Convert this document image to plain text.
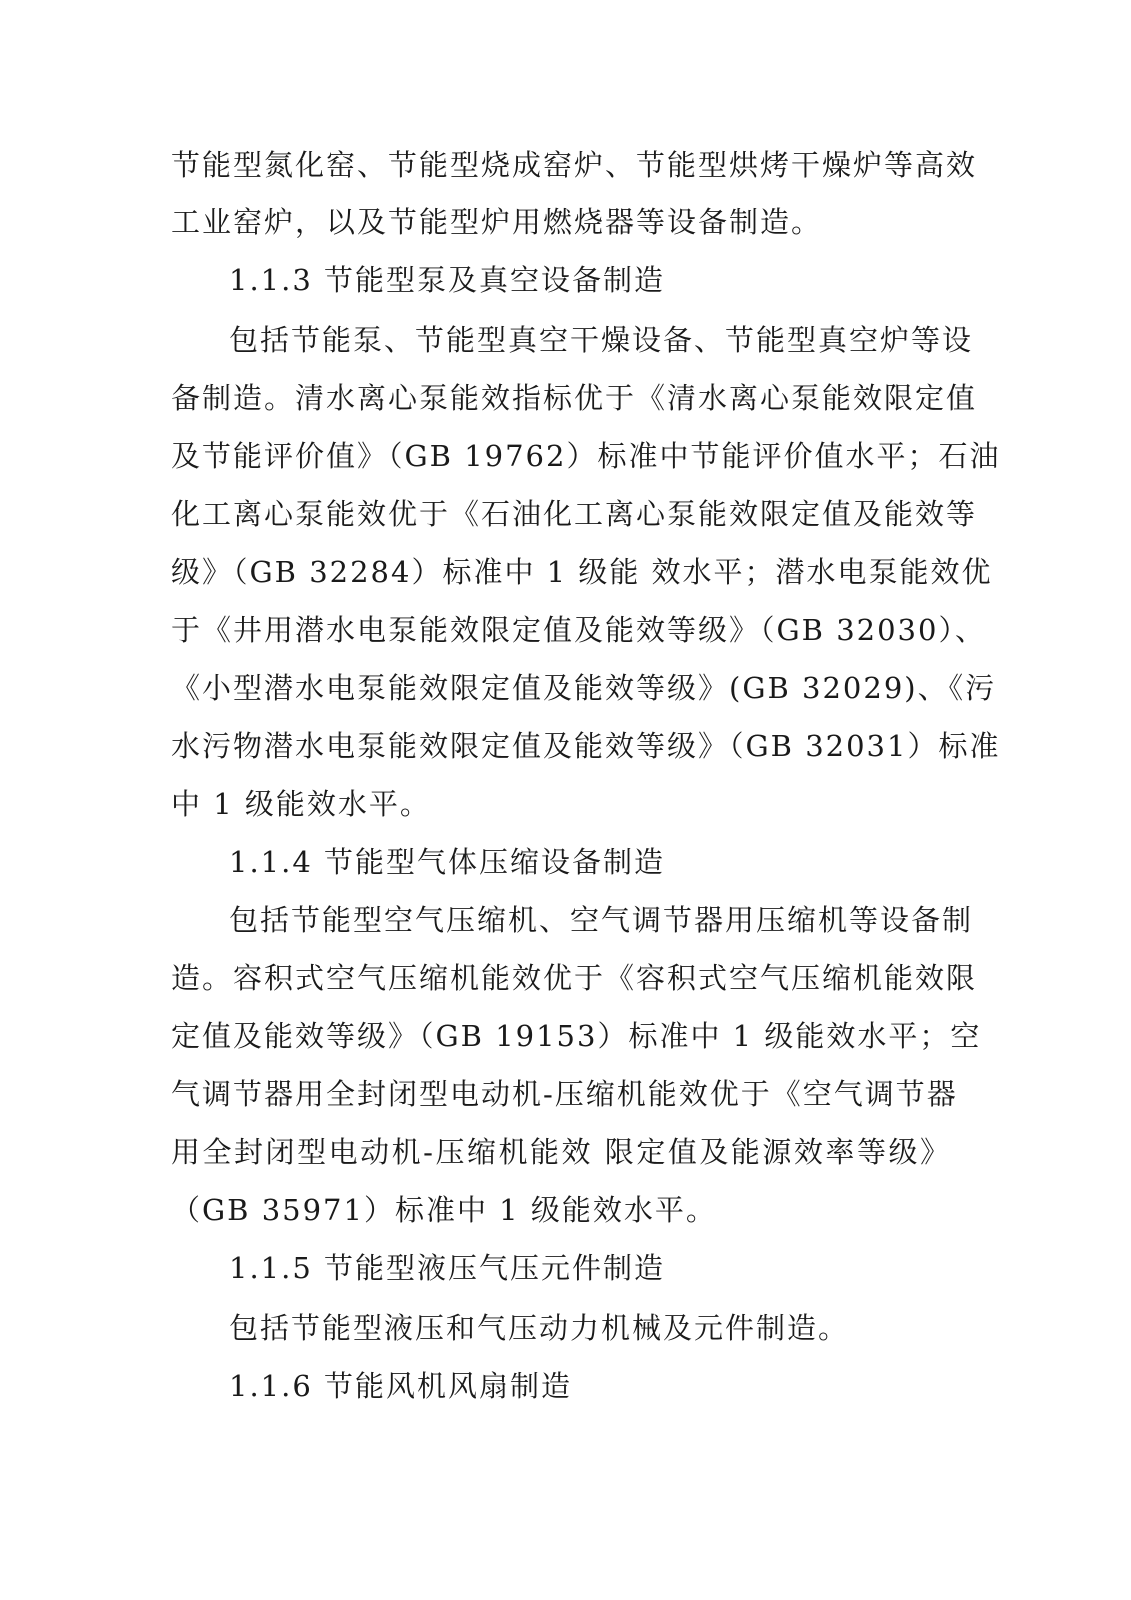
节能型氮化窑、节能型烧成窑炉、节能型烘烤干燥炉等高效
工业窑炉，以及节能型炉用燃烧器等设备制造。
1.1.3 节能型泵及真空设备制造
包括节能泵、节能型真空干燥设备、节能型真空炉等设
备制造。清水离心泵能效指标优于《清水离心泵能效限定值
及节能评价值》（GB 19762）标准中节能评价值水平；石油
化工离心泵能效优于《石油化工离心泵能效限定值及能效等
级》（GB 32284）标准中 1 级能 效水平；潜水电泵能效优
于《井用潜水电泵能效限定值及能效等级》（GB 32030）、
《小型潜水电泵能效限定值及能效等级》(GB 32029)、《污
水污物潜水电泵能效限定值及能效等级》（GB 32031）标准
中 1 级能效水平。
1.1.4 节能型气体压缩设备制造
包括节能型空气压缩机、空气调节器用压缩机等设备制
造。容积式空气压缩机能效优于《容积式空气压缩机能效限
定值及能效等级》（GB 19153）标准中 1 级能效水平；空
气调节器用全封闭型电动机-压缩机能效优于《空气调节器
用全封闭型电动机-压缩机能效 限定值及能源效率等级》
（GB 35971）标准中 1 级能效水平。
1.1.5 节能型液压气压元件制造
包括节能型液压和气压动力机械及元件制造。
1.1.6 节能风机风扇制造
